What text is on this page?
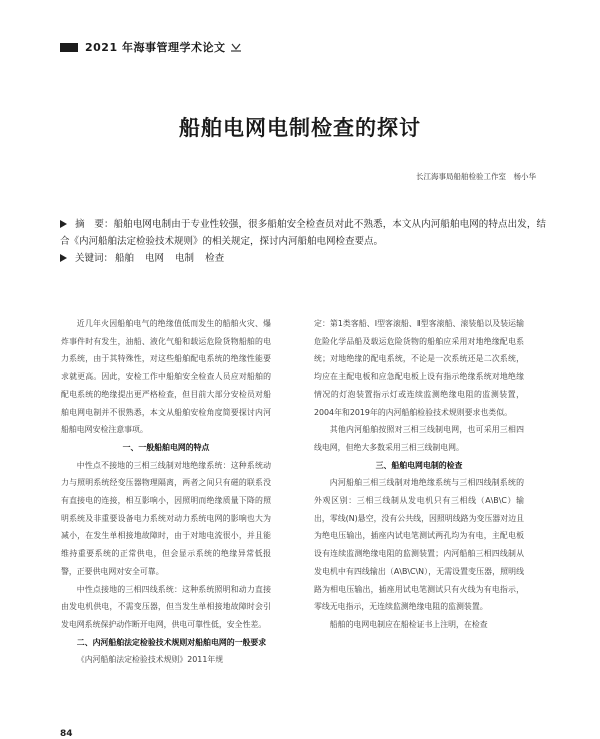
2021 年海事管理学术论文
船舶电网电制检查的探讨
长江海事局船舶检验工作室　杨小华

摘　要：船舶电网电制由于专业性较强，很多船舶安全检查员对此不熟悉，本文从内河船舶电网的特点出发，结合《内河船舶法定检验技术规则》的相关规定，探讨内河船舶电网检查要点。

关键词： 船舶 电网 电制 检查

近几年火因船舶电气的绝缘值低而发生的船舶火灾、爆炸事件时有发生，油船、液化气船和载运危险货物船舶的电力系统，由于其特殊性，对这些船舶配电系统的绝缘性能要求就更高。因此，安检工作中船舶安全检查人员应对船舶的配电系统的绝缘提出更严格检查，但目前大部分安检员对船舶电网电制并不很熟悉，本文从船舶安检角度简要探讨内河船舶电网安检注意事项。

一、一般船舶电网的特点

中性点不接地的三相三线制对地绝缘系统：这种系统动力与照明系统经变压器物理隔离，两者之间只有磁的联系没有直接电的连接，相互影响小，因照明而绝缘质量下降的照明系统及非重要设备电力系统对动力系统电网的影响也大为减小，在发生单相接地故障时，由于对地电流很小，并且能维持重要系统的正常供电，但会显示系统的绝缘异常低报警，正要供电网对安全可靠。

中性点接地的三相四线系统：这种系统照明和动力直接由发电机供电，不需变压器，但当发生单相接地故障时会引发电网系统保护动作断开电网，供电可靠性低，安全性差。

二、内河船舶法定检验技术规则对船舶电网的一般要求

《内河船舶法定检验技术规则》2011年规

定：第1类客船、Ⅰ型客滚船、Ⅱ型客滚船、滚装船以及装运输危险化学品船及载运危险货物的船舶应采用对地绝缘配电系统；对地绝缘的配电系统，不论是一次系统还是二次系统，均应在主配电板和应急配电板上设有指示绝缘系统对地绝缘情况的灯泡装置指示灯或连续监测绝缘电阻的监测装置，2004年和2019年的内河船舶检验技术规则要求也类似。

其他内河船舶按照对三相三线制电网，也可采用三相四线电网，但绝大多数采用三相三线制电网。

三、船舶电网电制的检查

内河船舶三相三线制对地绝缘系统与三相四线制系统的外观区别：三相三线制从发电机只有三相线（A\B\C）输出，零线(N)悬空，没有公共线，因照明线路为变压器对边且为绝电压输出，插座内试电笔测试两孔均为有电，主配电板设有连续监测绝缘电阻的监测装置；内河船舶三相四线制从发电机中有四线输出（A\B\C\N），无需设置变压器，照明线路为相电压输出，插座用试电笔测试只有火线为有电指示，零线无电指示，无连续监测绝缘电阻的监测装置。

船舶的电网电制应在船检证书上注明，在检查

84
